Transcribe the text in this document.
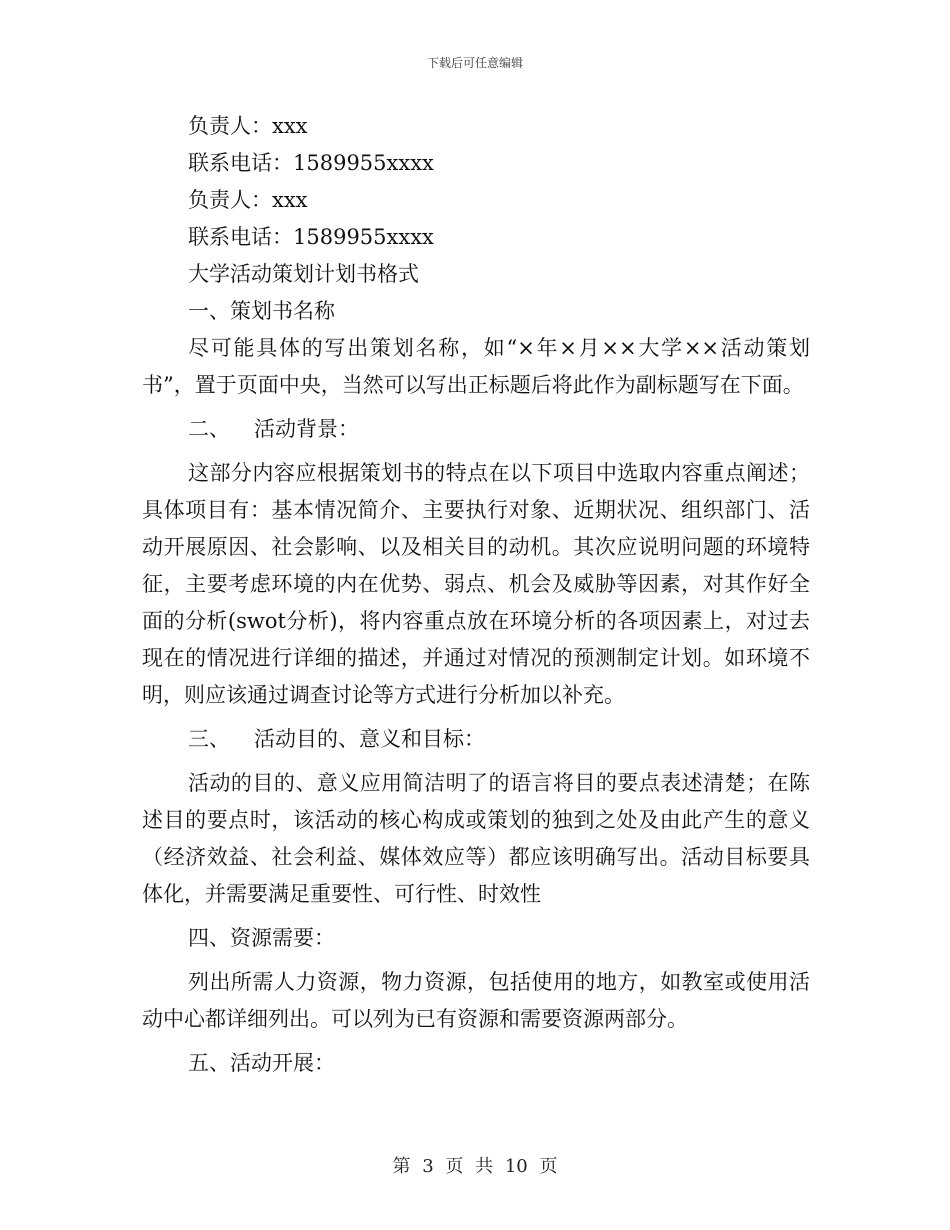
下载后可任意编辑
负责人：xxx
联系电话：1589955xxxx
负责人：xxx
联系电话：1589955xxxx
大学活动策划计划书格式
一、策划书名称

尽可能具体的写出策划名称，如“×年×月××大学××活动策划书”，置于页面中央，当然可以写出正标题后将此作为副标题写在下面。

二、 活动背景：

这部分内容应根据策划书的特点在以下项目中选取内容重点阐述；具体项目有：基本情况简介、主要执行对象、近期状况、组织部门、活动开展原因、社会影响、以及相关目的动机。其次应说明问题的环境特征，主要考虑环境的内在优势、弱点、机会及威胁等因素，对其作好全面的分析(swot分析)，将内容重点放在环境分析的各项因素上，对过去现在的情况进行详细的描述，并通过对情况的预测制定计划。如环境不明，则应该通过调查讨论等方式进行分析加以补充。

三、 活动目的、意义和目标：

活动的目的、意义应用简洁明了的语言将目的要点表述清楚；在陈述目的要点时，该活动的核心构成或策划的独到之处及由此产生的意义（经济效益、社会利益、媒体效应等）都应该明确写出。活动目标要具体化，并需要满足重要性、可行性、时效性

四、资源需要：

列出所需人力资源，物力资源，包括使用的地方，如教室或使用活动中心都详细列出。可以列为已有资源和需要资源两部分。

五、活动开展：
第 3 页 共 10 页
